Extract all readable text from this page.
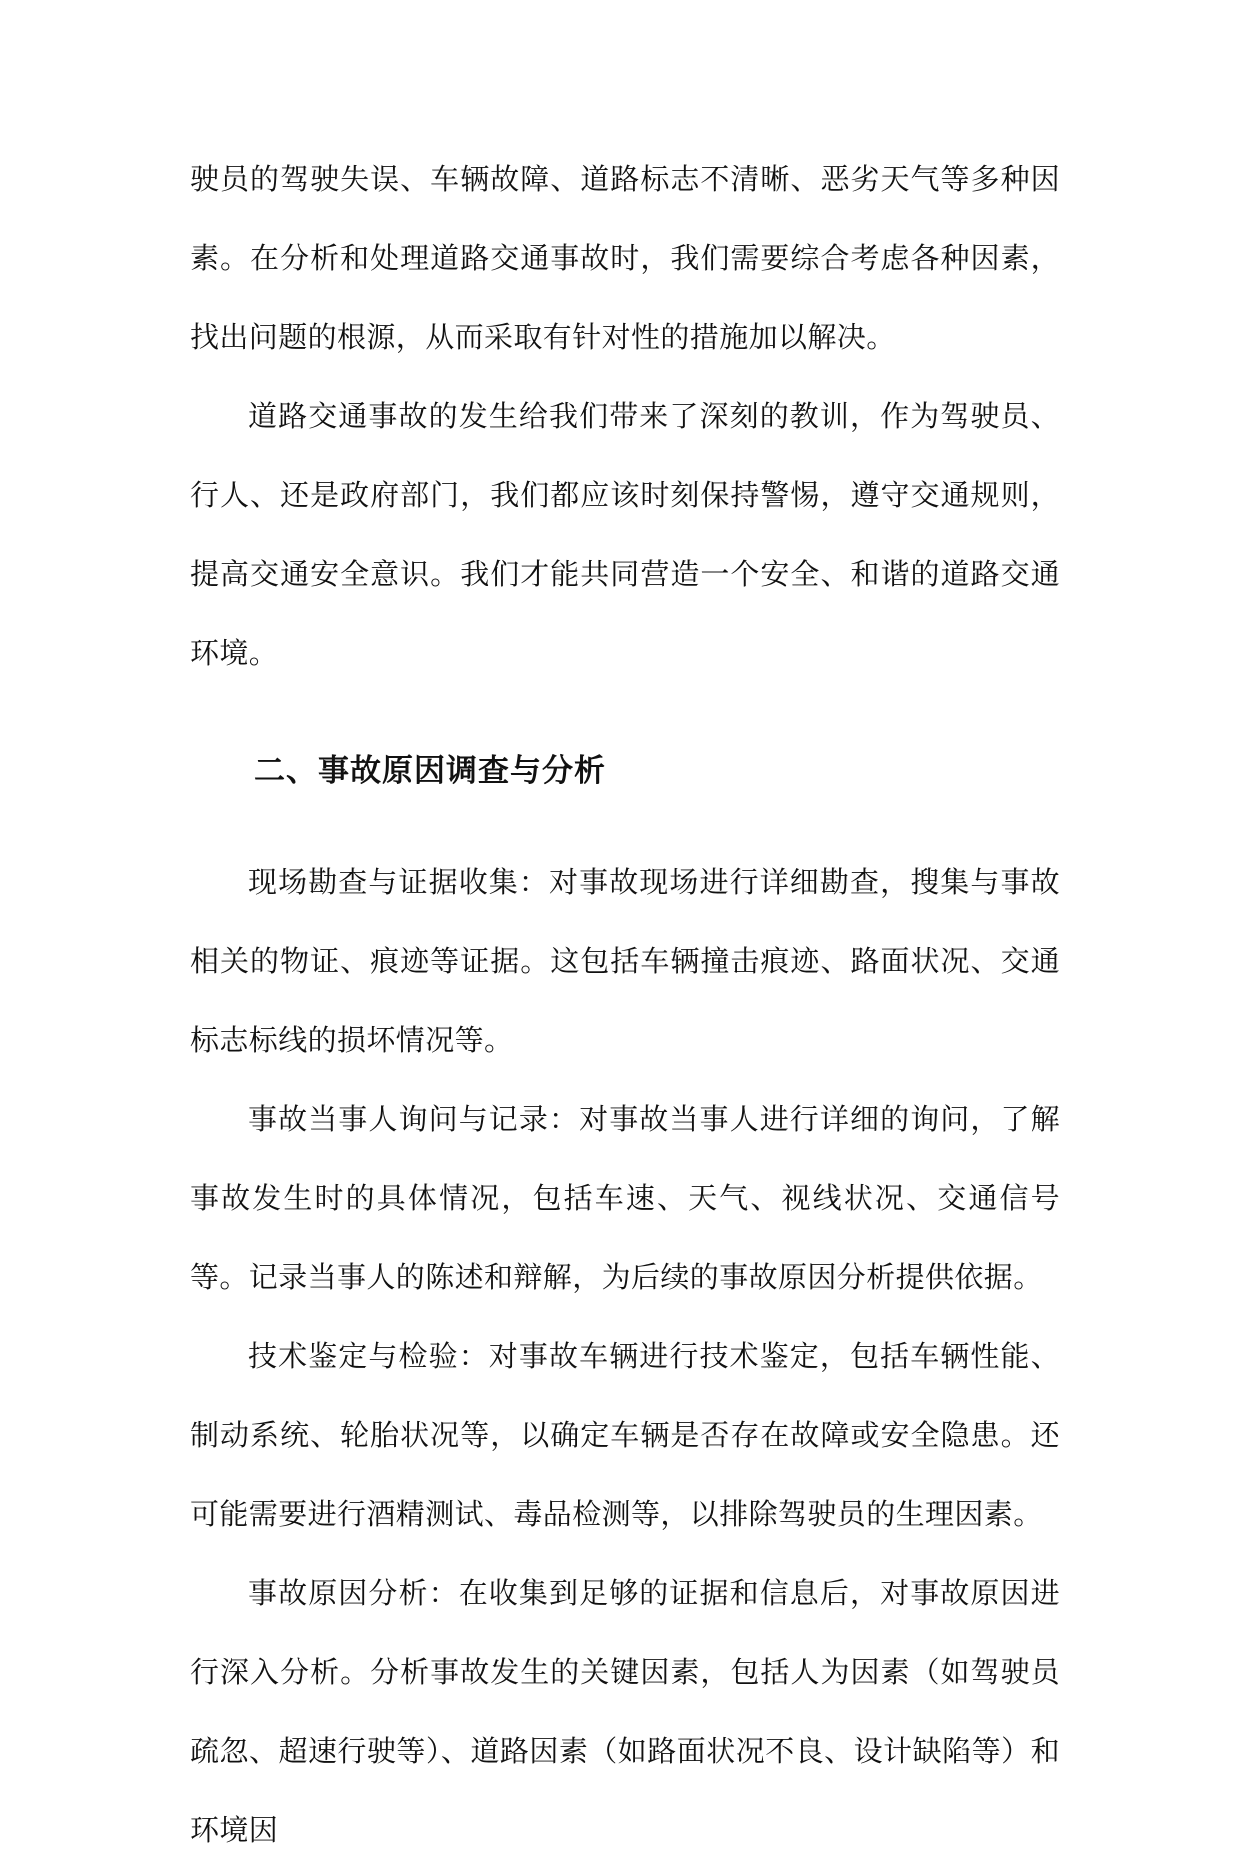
驶员的驾驶失误、车辆故障、道路标志不清晰、恶劣天气等多种因素。在分析和处理道路交通事故时，我们需要综合考虑各种因素，找出问题的根源，从而采取有针对性的措施加以解决。

道路交通事故的发生给我们带来了深刻的教训，作为驾驶员、行人、还是政府部门，我们都应该时刻保持警惕，遵守交通规则，提高交通安全意识。我们才能共同营造一个安全、和谐的道路交通环境。

二、事故原因调查与分析

现场勘查与证据收集：对事故现场进行详细勘查，搜集与事故相关的物证、痕迹等证据。这包括车辆撞击痕迹、路面状况、交通标志标线的损坏情况等。

事故当事人询问与记录：对事故当事人进行详细的询问，了解事故发生时的具体情况，包括车速、天气、视线状况、交通信号等。记录当事人的陈述和辩解，为后续的事故原因分析提供依据。

技术鉴定与检验：对事故车辆进行技术鉴定，包括车辆性能、制动系统、轮胎状况等，以确定车辆是否存在故障或安全隐患。还可能需要进行酒精测试、毒品检测等，以排除驾驶员的生理因素。

事故原因分析：在收集到足够的证据和信息后，对事故原因进行深入分析。分析事故发生的关键因素，包括人为因素（如驾驶员疏忽、超速行驶等）、道路因素（如路面状况不良、设计缺陷等）和环境因
